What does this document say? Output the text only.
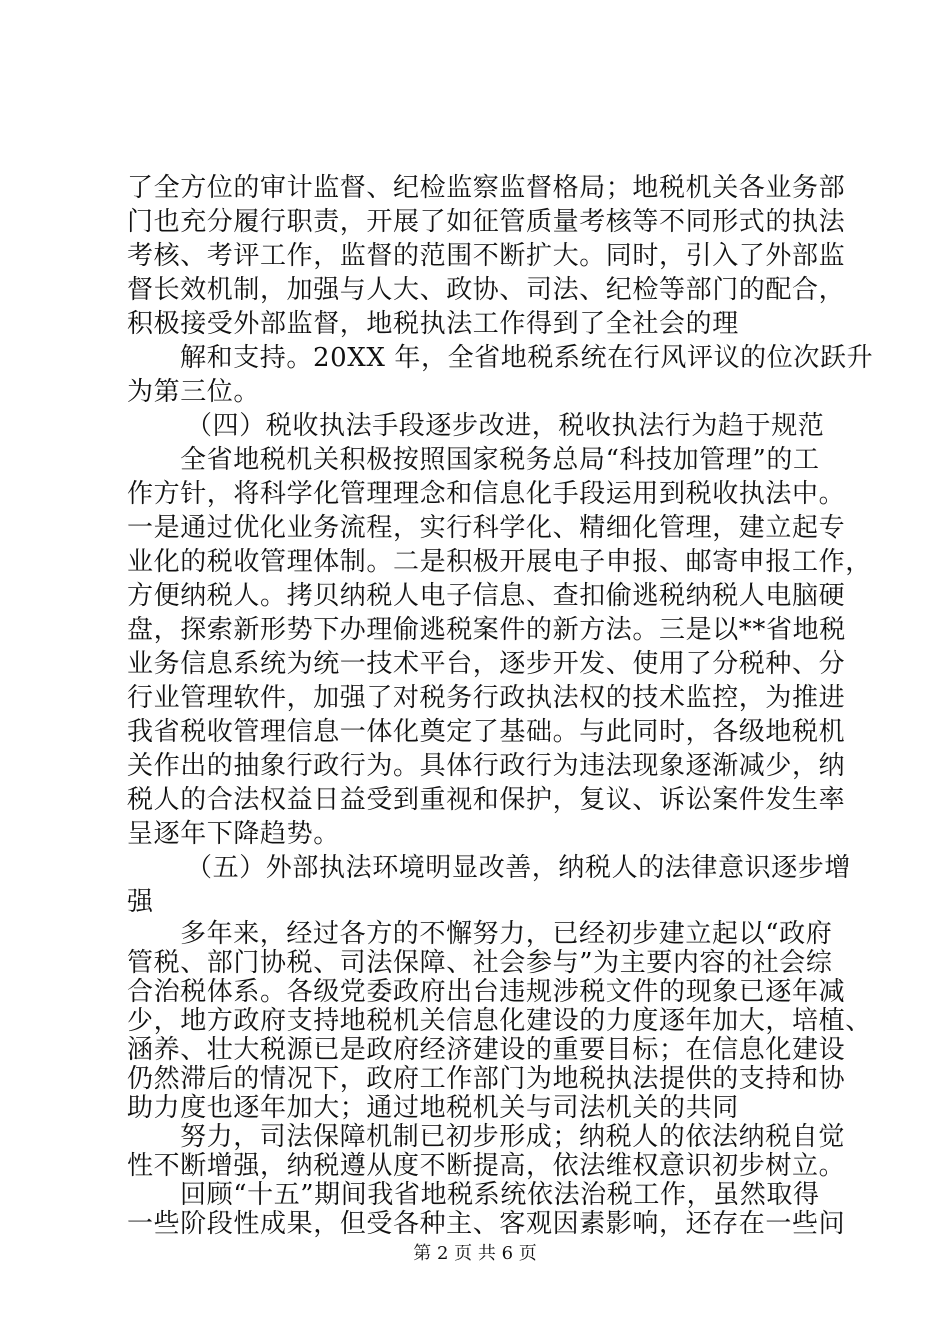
了全方位的审计监督、纪检监察监督格局；地税机关各业务部
门也充分履行职责，开展了如征管质量考核等不同形式的执法
考核、考评工作，监督的范围不断扩大。同时，引入了外部监
督长效机制，加强与人大、政协、司法、纪检等部门的配合，
积极接受外部监督，地税执法工作得到了全社会的理
解和支持。20XX 年，全省地税系统在行风评议的位次跃升
为第三位。
（四）税收执法手段逐步改进，税收执法行为趋于规范
全省地税机关积极按照国家税务总局“科技加管理”的工
作方针，将科学化管理理念和信息化手段运用到税收执法中。
一是通过优化业务流程，实行科学化、精细化管理，建立起专
业化的税收管理体制。二是积极开展电子申报、邮寄申报工作，
方便纳税人。拷贝纳税人电子信息、查扣偷逃税纳税人电脑硬
盘，探索新形势下办理偷逃税案件的新方法。三是以**省地税
业务信息系统为统一技术平台，逐步开发、使用了分税种、分
行业管理软件，加强了对税务行政执法权的技术监控，为推进
我省税收管理信息一体化奠定了基础。与此同时，各级地税机
关作出的抽象行政行为。具体行政行为违法现象逐渐减少，纳
税人的合法权益日益受到重视和保护，复议、诉讼案件发生率
呈逐年下降趋势。
（五）外部执法环境明显改善，纳税人的法律意识逐步增
强
多年来，经过各方的不懈努力，已经初步建立起以“政府
管税、部门协税、司法保障、社会参与”为主要内容的社会综
合治税体系。各级党委政府出台违规涉税文件的现象已逐年减
少，地方政府支持地税机关信息化建设的力度逐年加大，培植、
涵养、壮大税源已是政府经济建设的重要目标；在信息化建设
仍然滞后的情况下，政府工作部门为地税执法提供的支持和协
助力度也逐年加大；通过地税机关与司法机关的共同
努力，司法保障机制已初步形成；纳税人的依法纳税自觉
性不断增强，纳税遵从度不断提高，依法维权意识初步树立。
第 2 页 共 6 页
回顾“十五”期间我省地税系统依法治税工作，虽然取得
一些阶段性成果，但受各种主、客观因素影响，还存在一些问
